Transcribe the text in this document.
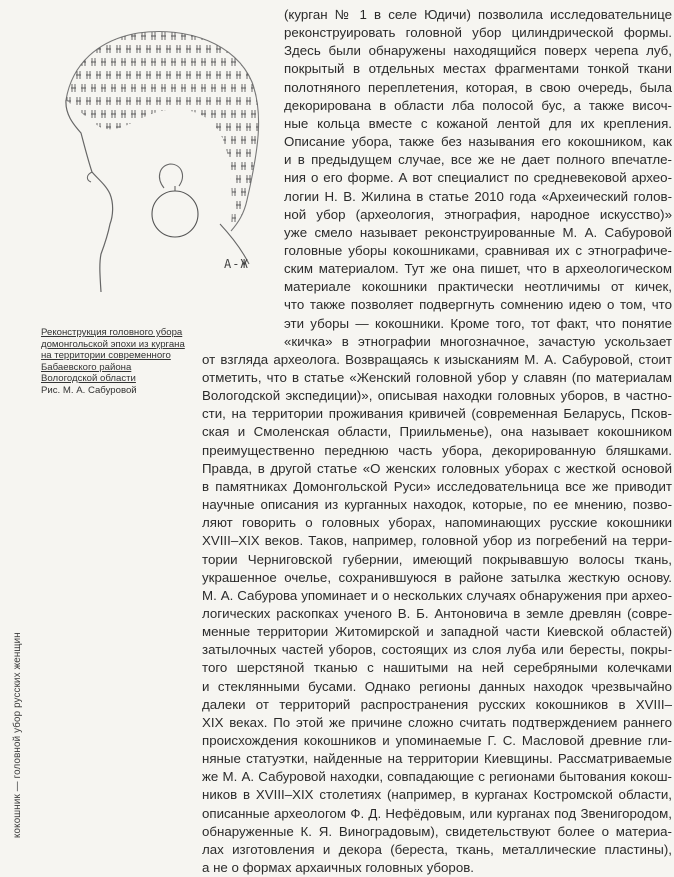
А-Ж
Реконструкция головного убора
домонгольской эпохи из кургана
на территории современного
Бабаевского района
Вологодской области
Рис. М. А. Сабуровой
кокошник — головной убор русских женщин
(курган № 1 в селе Юдичи) позволила исследовательнице
реконструировать головной убор цилиндрической формы.
Здесь были обнаружены находящийся поверх черепа луб,
покрытый в отдельных местах фрагментами тонкой ткани
полотняного переплетения, которая, в свою очередь, была
декорирована в области лба полосой бус, а также височ-
ные кольца вместе с кожаной лентой для их крепления.
Описание убора, также без называния его кокошником, как
и в предыдущем случае, все же не дает полного впечатле-
ния о его форме. А вот специалист по средневековой архео-
логии Н. В. Жилина в статье 2010 года «Археический голов-
ной убор (археология, этнография, народное искусство)»
уже смело называет реконструированные М. А. Сабуровой
головные уборы кокошниками, сравнивая их с этнографиче-
ским материалом. Тут же она пишет, что в археологическом
материале кокошники практически неотличимы от кичек,
что также позволяет подвергнуть сомнению идею о том, что
эти уборы — кокошники. Кроме того, тот факт, что понятие
«кичка» в этнографии многозначное, зачастую ускользает
от взгляда археолога. Возвращаясь к изысканиям М. А. Сабуровой, стоит
отметить, что в статье «Женский головной убор у славян (по материалам
Вологодской экспедиции)», описывая находки головных уборов, в частно-
сти, на территории проживания кривичей (современная Беларусь, Псков-
ская и Смоленская области, Приильменье), она называет кокошником
преимущественно переднюю часть убора, декорированную бляшками.
Правда, в другой статье «О женских головных уборах с жесткой основой
в памятниках Домонгольской Руси» исследовательница все же приводит
научные описания из курганных находок, которые, по ее мнению, позво-
ляют говорить о головных уборах, напоминающих русские кокошники
XVIII–XIX веков. Таков, например, головной убор из погребений на терри-
тории Черниговской губернии, имеющий покрывавшую волосы ткань,
украшенное очелье, сохранившуюся в районе затылка жесткую основу.
М. А. Сабурова упоминает и о нескольких случаях обнаружения при архео-
логических раскопках ученого В. Б. Антоновича в земле древлян (совре-
менные территории Житомирской и западной части Киевской областей)
затылочных частей уборов, состоящих из слоя луба или бересты, покры-
того шерстяной тканью с нашитыми на ней серебряными колечками
и стеклянными бусами. Однако регионы данных находок чрезвычайно
далеки от территорий распространения русских кокошников в XVIII–
XIX веках. По этой же причине сложно считать подтверждением раннего
происхождения кокошников и упоминаемые Г. С. Масловой древние гли-
няные статуэтки, найденные на территории Киевщины. Рассматриваемые
же М. А. Сабуровой находки, совпадающие с регионами бытования кокош-
ников в XVIII–XIX столетиях (например, в курганах Костромской области,
описанные археологом Ф. Д. Нефёдовым, или курганах под Звенигородом,
обнаруженные К. Я. Виноградовым), свидетельствуют более о материа-
лах изготовления и декора (береста, ткань, металлические пластины),
а не о формах архаичных головных уборов.
